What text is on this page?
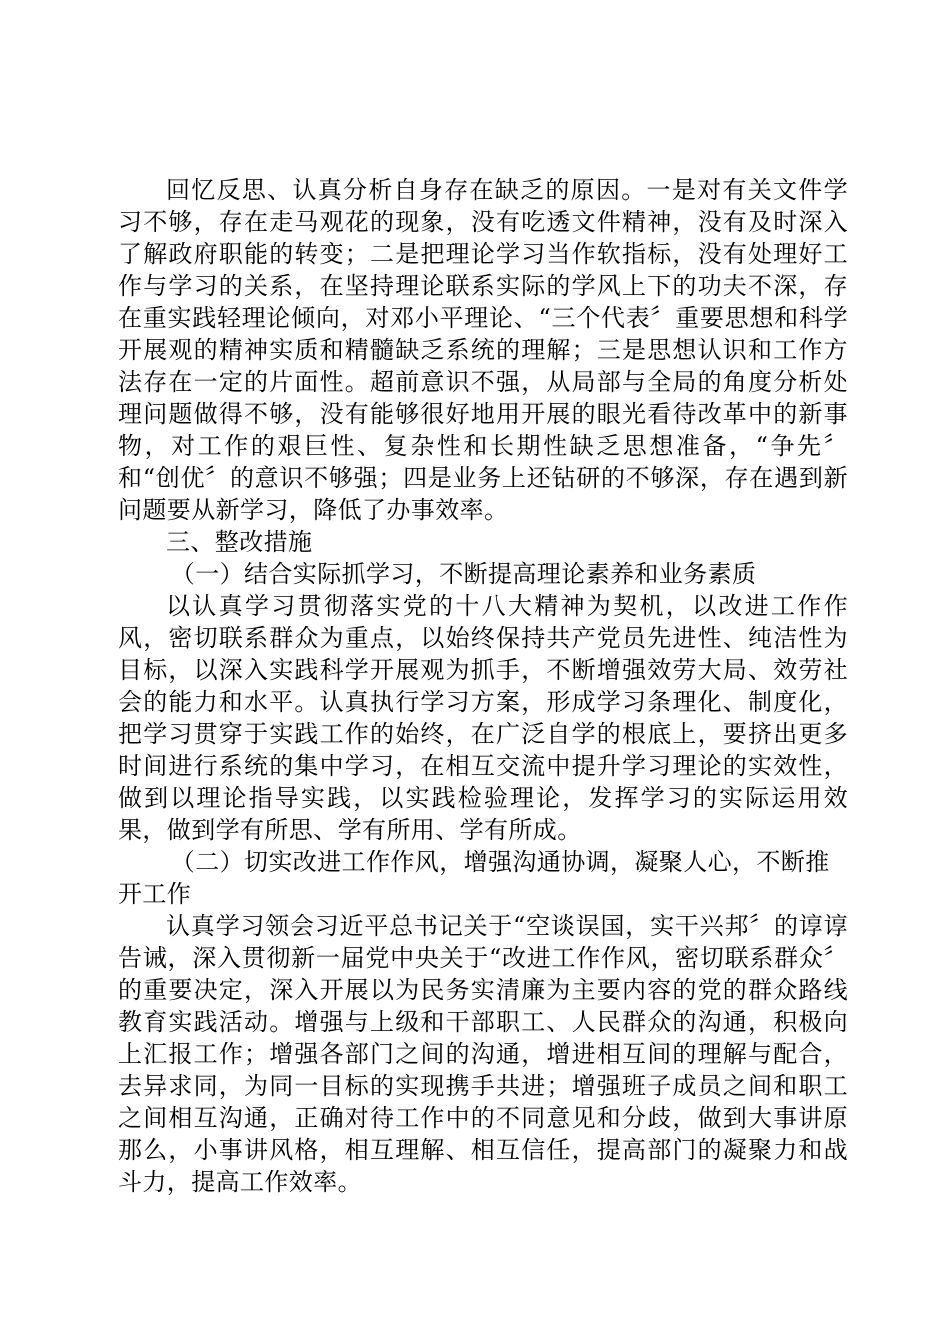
回忆反思、认真分析自身存在缺乏的原因。一是对有关文件学习不够，存在走马观花的现象，没有吃透文件精神，没有及时深入了解政府职能的转变；二是把理论学习当作软指标，没有处理好工作与学习的关系，在坚持理论联系实际的学风上下的功夫不深，存在重实践轻理论倾向，对邓小平理论、“三个代表〞重要思想和科学开展观的精神实质和精髓缺乏系统的理解；三是思想认识和工作方法存在一定的片面性。超前意识不强，从局部与全局的角度分析处理问题做得不够，没有能够很好地用开展的眼光看待改革中的新事物，对工作的艰巨性、复杂性和长期性缺乏思想准备，“争先〞和“创优〞的意识不够强；四是业务上还钻研的不够深，存在遇到新问题要从新学习，降低了办事效率。

三、整改措施

（一）结合实际抓学习，不断提高理论素养和业务素质

以认真学习贯彻落实党的十八大精神为契机，以改进工作作风，密切联系群众为重点，以始终保持共产党员先进性、纯洁性为目标，以深入实践科学开展观为抓手，不断增强效劳大局、效劳社会的能力和水平。认真执行学习方案，形成学习条理化、制度化，把学习贯穿于实践工作的始终，在广泛自学的根底上，要挤出更多时间进行系统的集中学习，在相互交流中提升学习理论的实效性，做到以理论指导实践，以实践检验理论，发挥学习的实际运用效果，做到学有所思、学有所用、学有所成。

（二）切实改进工作作风，增强沟通协调，凝聚人心，不断推开工作

认真学习领会习近平总书记关于“空谈误国，实干兴邦〞的谆谆告诫，深入贯彻新一届党中央关于“改进工作作风，密切联系群众〞的重要决定，深入开展以为民务实清廉为主要内容的党的群众路线教育实践活动。增强与上级和干部职工、人民群众的沟通，积极向上汇报工作；增强各部门之间的沟通，增进相互间的理解与配合，去异求同，为同一目标的实现携手共进；增强班子成员之间和职工之间相互沟通，正确对待工作中的不同意见和分歧，做到大事讲原那么，小事讲风格，相互理解、相互信任，提高部门的凝聚力和战斗力，提高工作效率。
